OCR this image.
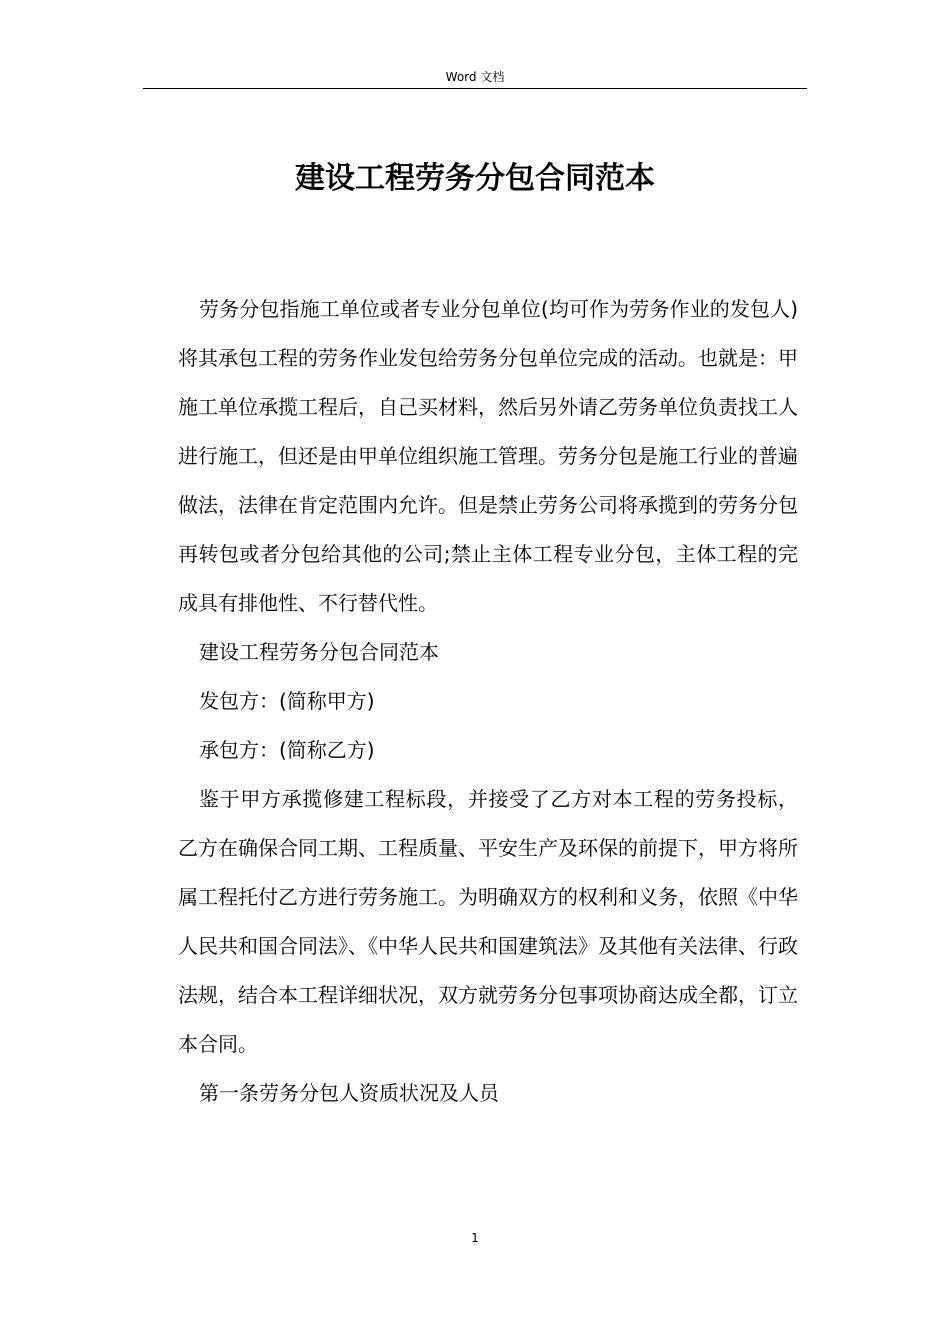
Word 文档
建设工程劳务分包合同范本

劳务分包指施工单位或者专业分包单位(均可作为劳务作业的发包人)将其承包工程的劳务作业发包给劳务分包单位完成的活动。也就是：甲施工单位承揽工程后，自己买材料，然后另外请乙劳务单位负责找工人进行施工，但还是由甲单位组织施工管理。劳务分包是施工行业的普遍做法，法律在肯定范围内允许。但是禁止劳务公司将承揽到的劳务分包再转包或者分包给其他的公司;禁止主体工程专业分包，主体工程的完成具有排他性、不行替代性。

建设工程劳务分包合同范本

发包方：(简称甲方)

承包方：(简称乙方)

鉴于甲方承揽修建工程标段，并接受了乙方对本工程的劳务投标，乙方在确保合同工期、工程质量、平安生产及环保的前提下，甲方将所属工程托付乙方进行劳务施工。为明确双方的权利和义务，依照《中华人民共和国合同法》、《中华人民共和国建筑法》及其他有关法律、行政法规，结合本工程详细状况，双方就劳务分包事项协商达成全都，订立本合同。

第一条劳务分包人资质状况及人员

1
